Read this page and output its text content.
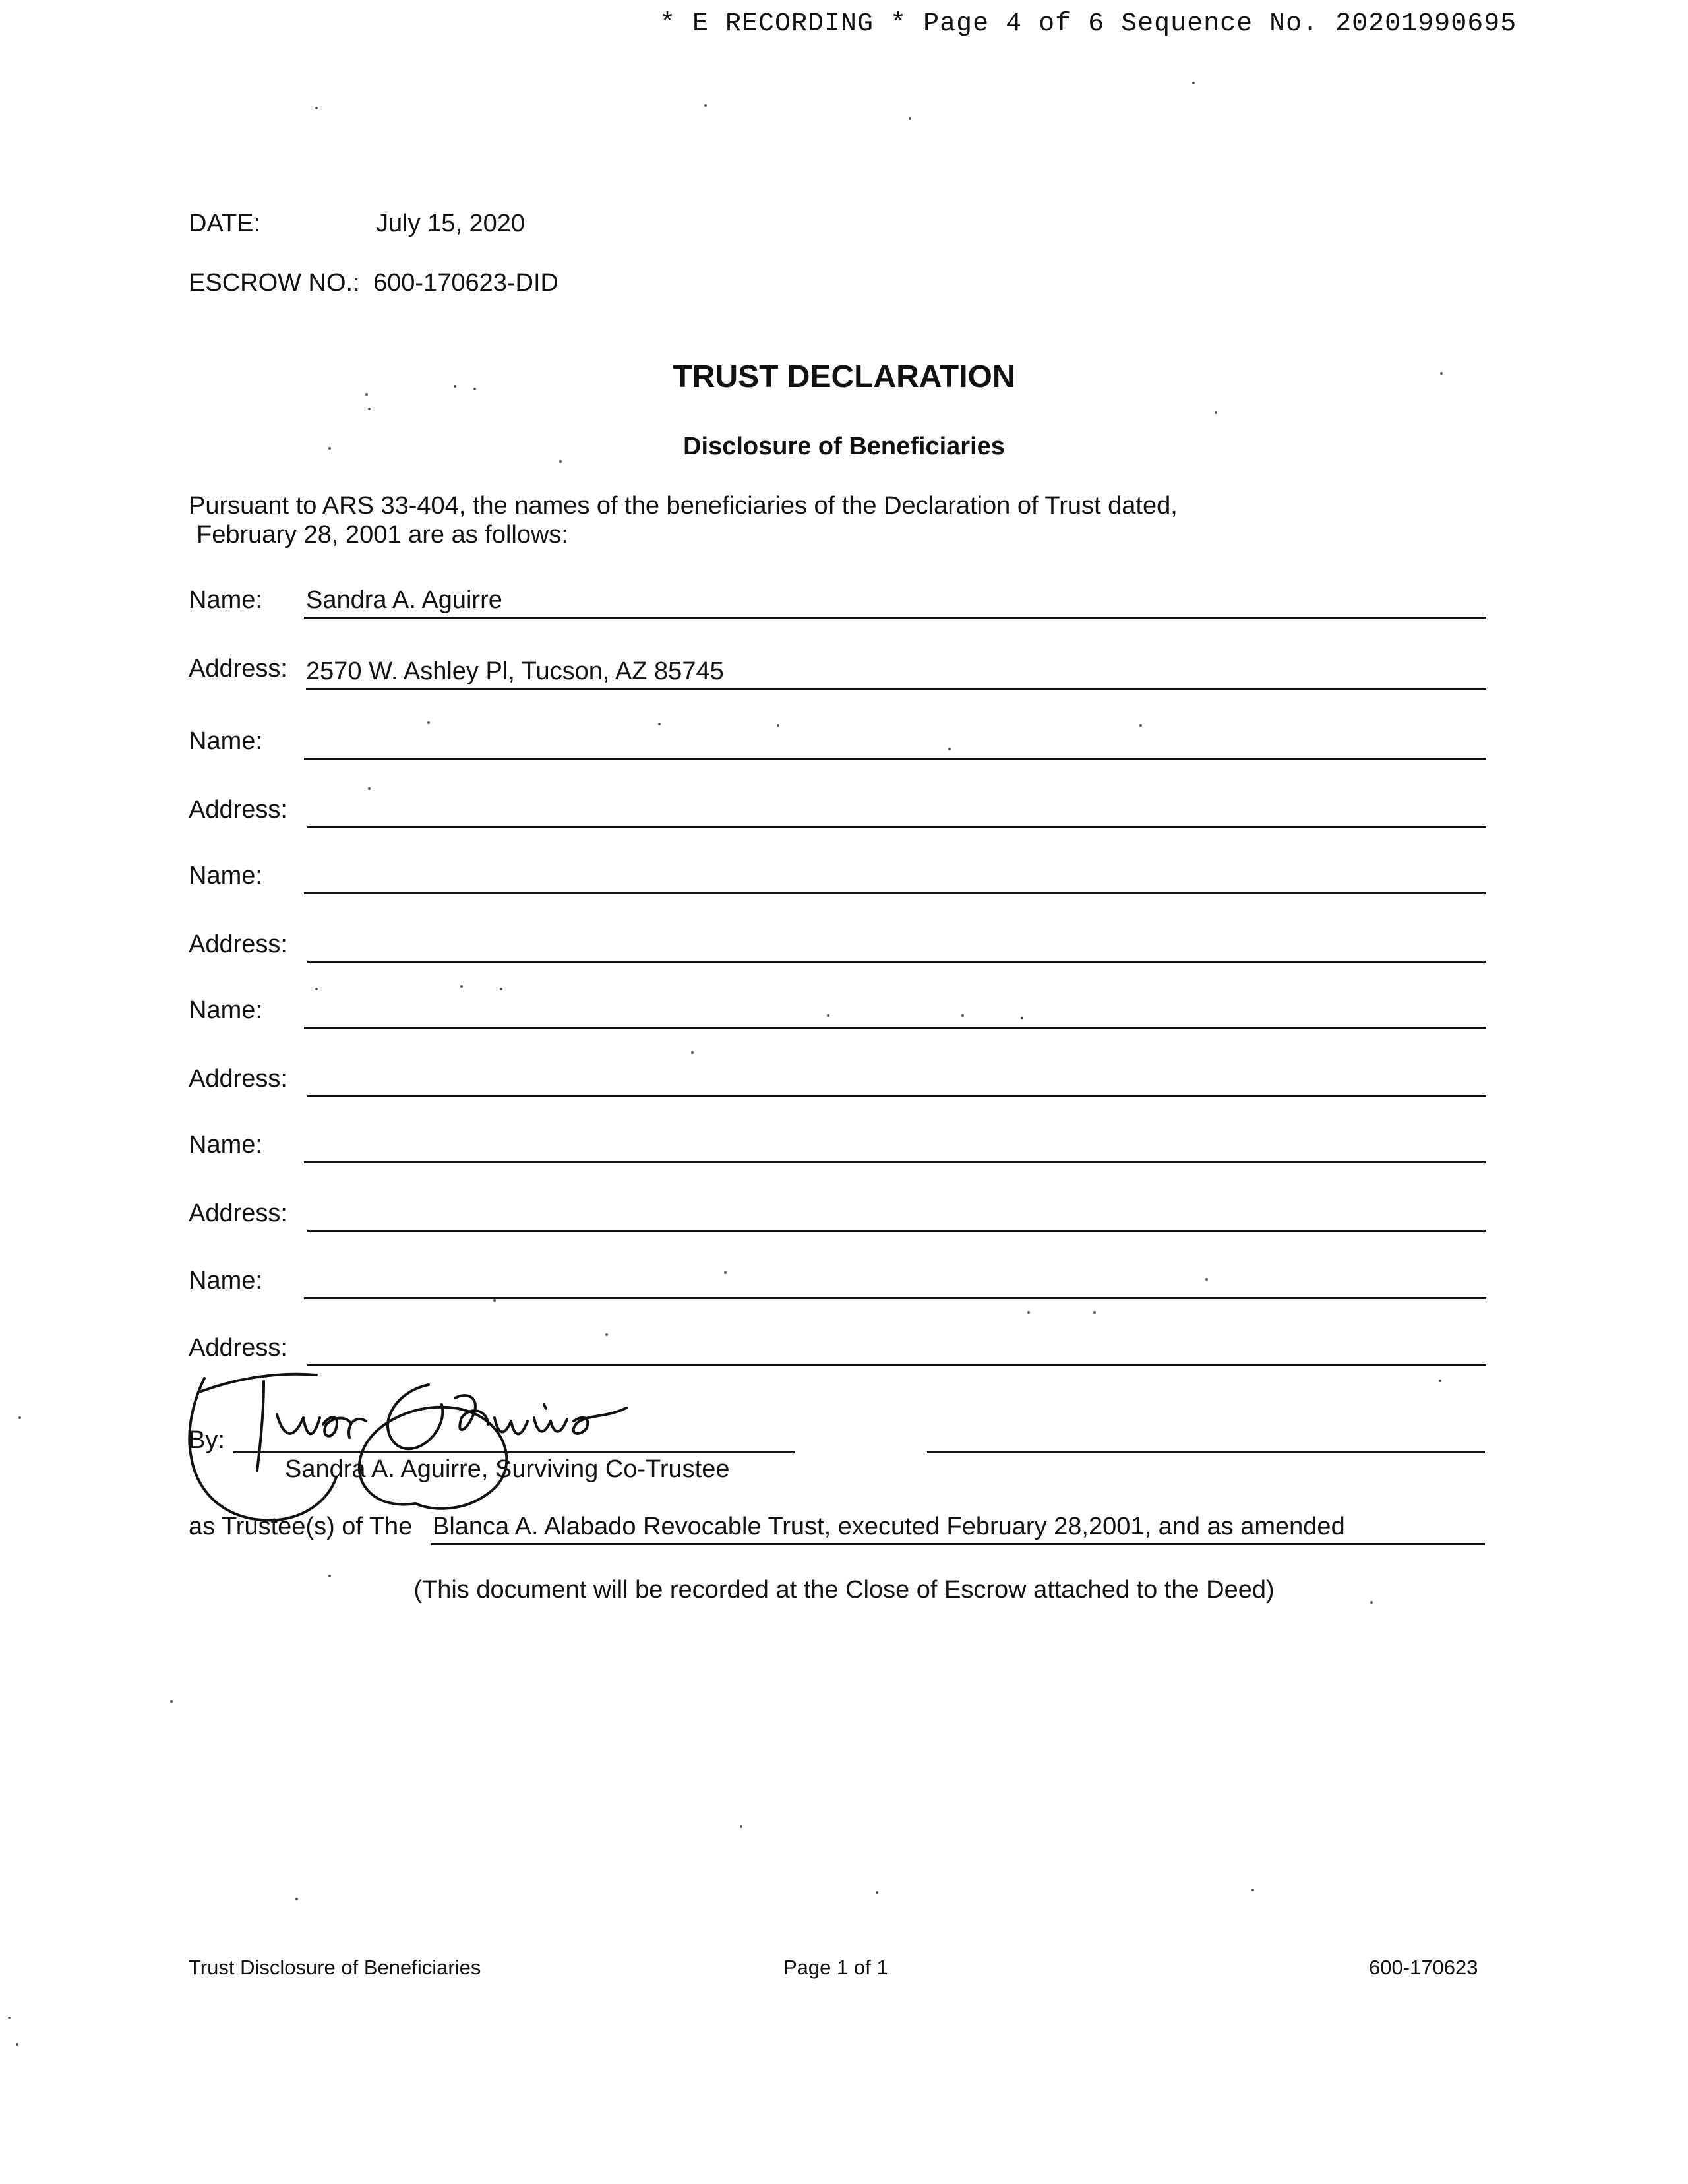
* E RECORDING * Page 4 of 6 Sequence No. 20201990695
DATE:	July 15, 2020
ESCROW NO.: 600-170623-DID
TRUST DECLARATION
Disclosure of Beneficiaries
Pursuant to ARS 33-404, the names of the beneficiaries of the Declaration of Trust dated,
February 28, 2001 are as follows:
Name: Sandra A. Aguirre
Address: 2570 W. Ashley Pl, Tucson, AZ 85745
Name:
Address:
Name:
Address:
Name:
Address:
Name:
Address:
Name:
Address:
By:
Sandra A. Aguirre, Surviving Co-Trustee
as Trustee(s) of The Blanca A. Alabado Revocable Trust, executed February 28,2001, and as amended
(This document will be recorded at the Close of Escrow attached to the Deed)
Trust Disclosure of Beneficiaries	Page 1 of 1	600-170623
